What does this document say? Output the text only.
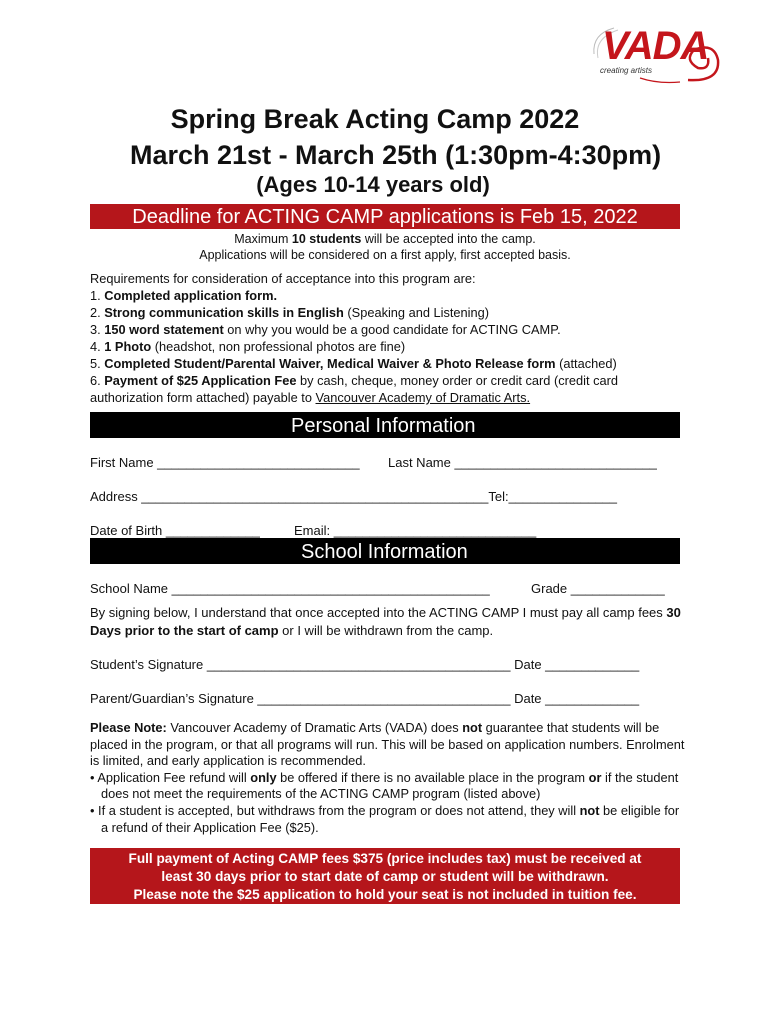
VADA
creating artists
Spring Break Acting Camp 2022
March 21st - March 25th (1:30pm-4:30pm)
(Ages 10-14 years old)
Deadline for ACTING CAMP applications is Feb 15, 2022
Maximum 10 students will be accepted into the camp.
Applications will be considered on a first apply, first accepted basis.
Requirements for consideration of acceptance into this program are:
1. Completed application form.
2. Strong communication skills in English (Speaking and Listening)
3. 150 word statement on why you would be a good candidate for ACTING CAMP.
4. 1 Photo (headshot, non professional photos are fine)
5. Completed Student/Parental Waiver, Medical Waiver & Photo Release form (attached)
6. Payment of $25 Application Fee by cash, cheque, money order or credit card (credit card
authorization form attached) payable to Vancouver Academy of Dramatic Arts.
Personal Information
First Name ____________________________ Last Name ____________________________
Address ________________________________________________Tel:_______________
Date of Birth _____________	Email: ____________________________
School Information
School Name ____________________________________________	Grade _____________
By signing below, I understand that once accepted into the ACTING CAMP I must pay all camp fees 30 Days prior to the start of camp or I will be withdrawn from the camp.
Student’s Signature __________________________________________ Date _____________
Parent/Guardian’s Signature ___________________________________ Date _____________
Please Note: Vancouver Academy of Dramatic Arts (VADA) does not guarantee that students will be placed in the program, or that all programs will run. This will be based on application numbers. Enrolment is limited, and early application is recommended.
• Application Fee refund will only be offered if there is no available place in the program or if the student does not meet the requirements of the ACTING CAMP program (listed above)
• If a student is accepted, but withdraws from the program or does not attend, they will not be eligible for a refund of their Application Fee ($25).
Full payment of Acting CAMP fees $375 (price includes tax) must be received at
least 30 days prior to start date of camp or student will be withdrawn.
Please note the $25 application to hold your seat is not included in tuition fee.
